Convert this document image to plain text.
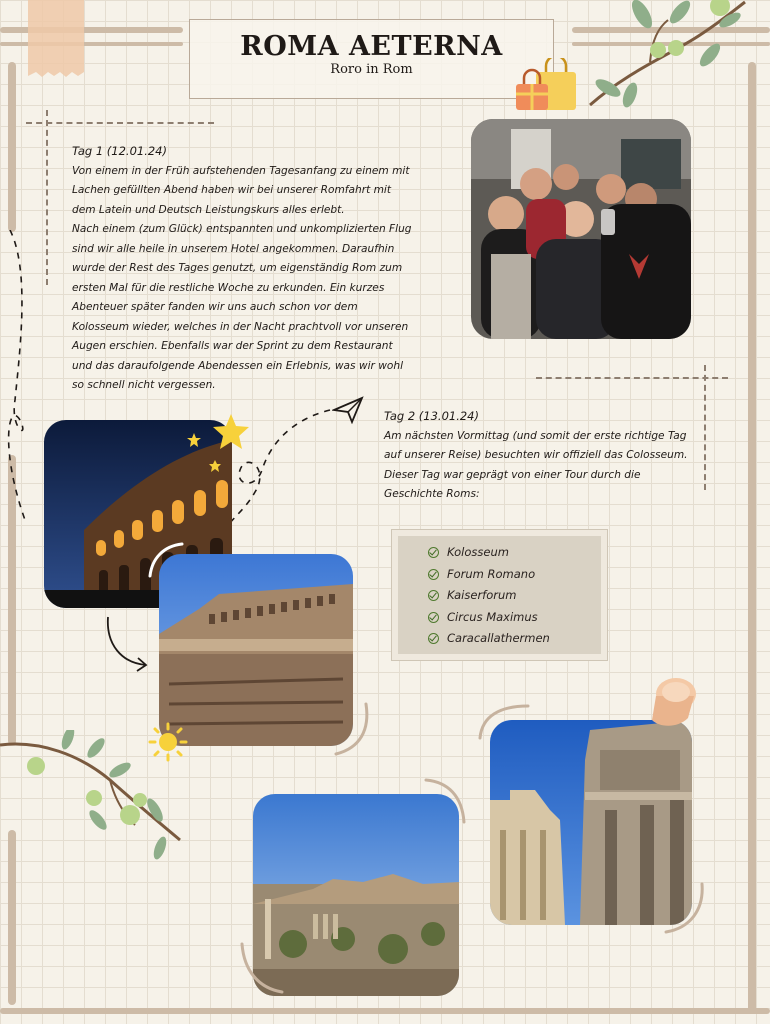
ROMA AETERNA
Roro in Rom

Tag 1 (12.01.24)

Von einem in der Früh aufstehenden Tagesanfang zu einem mit Lachen gefüllten Abend haben wir bei unserer Romfahrt mit dem Latein und Deutsch Leistungskurs alles erlebt.

Nach einem (zum Glück) entspannten und unkomplizierten Flug sind wir alle heile in unserem Hotel angekommen. Daraufhin wurde der Rest des Tages genutzt, um eigenständig Rom zum ersten Mal für die restliche Woche zu erkunden. Ein kurzes Abenteuer später fanden wir uns auch schon vor dem Kolosseum wieder, welches in der Nacht prachtvoll vor unseren Augen erschien. Ebenfalls war der Sprint zu dem Restaurant und das daraufolgende Abendessen ein Erlebnis, was wir wohl so schnell nicht vergessen.

Tag 2 (13.01.24)

Am nächsten Vormittag (und somit der erste richtige Tag auf unserer Reise) besuchten wir offiziell das Colosseum. Dieser Tag war geprägt von einer Tour durch die Geschichte Roms:

Kolosseum
Forum Romano
Kaiserforum
Circus Maximus
Caracallathermen
